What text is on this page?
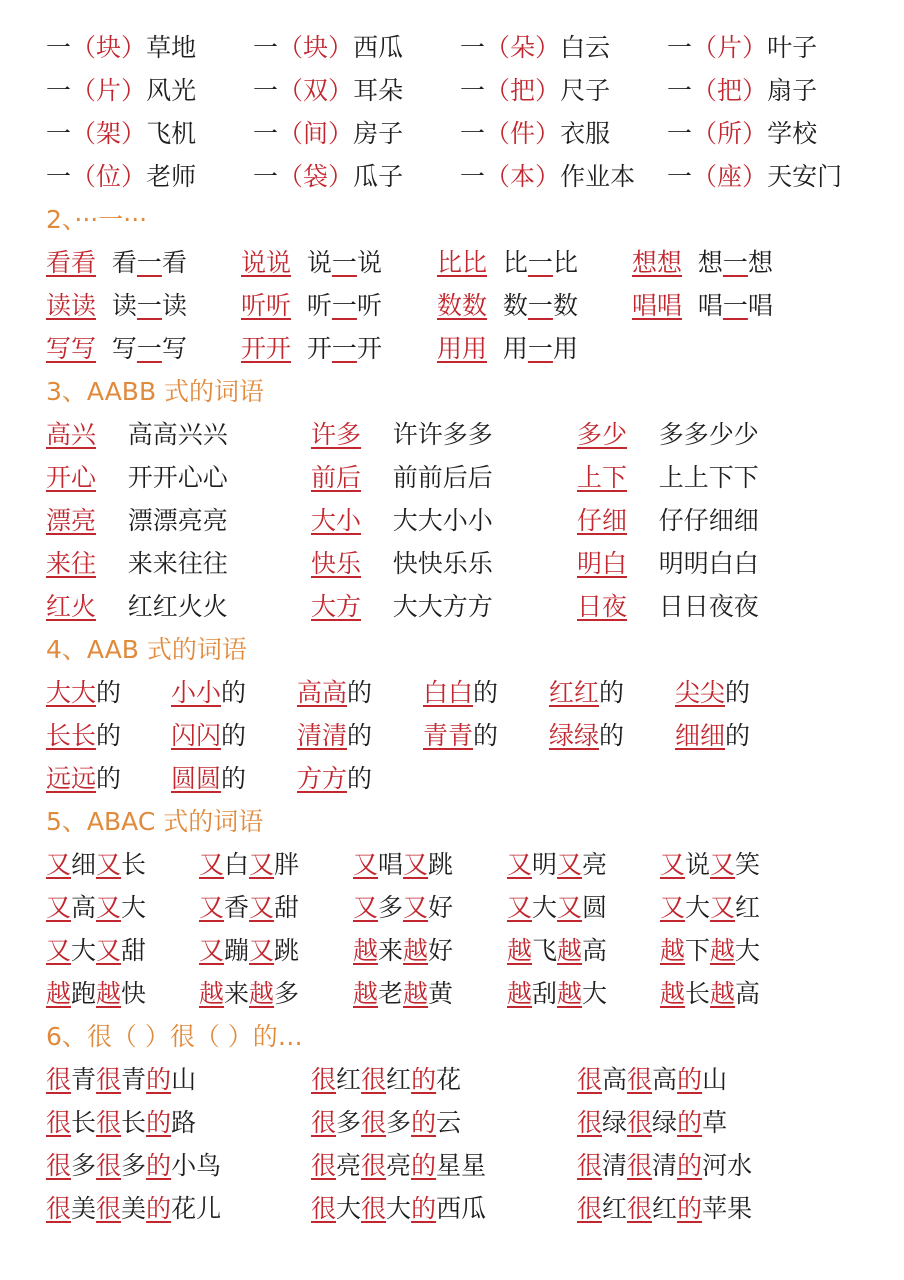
一（块）草地 一（块）西瓜 一（朵）白云 一（片）叶子
一（片）风光 一（双）耳朵 一（把）尺子 一（把）扇子
一（架）飞机 一（间）房子 一（件）衣服 一（所）学校
一（位）老师 一（袋）瓜子 一（本）作业本 一（座）天安门
2、···一···
看看  看一看 说说  说一说 比比  比一比 想想  想一想
读读  读一读 听听  听一听 数数  数一数 唱唱  唱一唱
写写  写一写 开开  开一开 用用  用一用
3、AABB 式的词语
高兴    高高兴兴	许多    许许多多	多少    多多少少
开心    开开心心	前后    前前后后	上下    上上下下
漂亮    漂漂亮亮	大小    大大小小	仔细    仔仔细细
来往    来来往往	快乐    快快乐乐	明白    明明白白
红火    红红火火	大方    大大方方	日夜    日日夜夜
4、AAB 式的词语
大大的 小小的 高高的 白白的 红红的 尖尖的
长长的 闪闪的 清清的 青青的 绿绿的 细细的
远远的 圆圆的 方方的
5、ABAC 式的词语
又细又长 又白又胖 又唱又跳 又明又亮 又说又笑
又高又大 又香又甜 又多又好 又大又圆 又大又红
又大又甜 又蹦又跳 越来越好 越飞越高 越下越大
越跑越快 越来越多 越老越黄 越刮越大 越长越高
6、很（ ）很（ ）的…
很青很青的山	很红很红的花	很高很高的山
很长很长的路	很多很多的云	很绿很绿的草
很多很多的小鸟	很亮很亮的星星	很清很清的河水
很美很美的花儿	很大很大的西瓜	很红很红的苹果
